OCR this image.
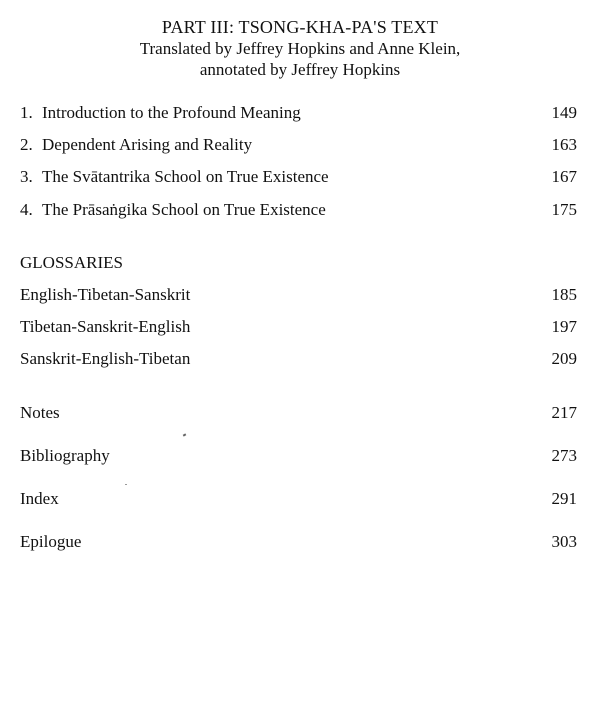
PART III: TSONG-KHA-PA'S TEXT
Translated by Jeffrey Hopkins and Anne Klein,
annotated by Jeffrey Hopkins
1. Introduction to the Profound Meaning	149
2. Dependent Arising and Reality	163
3. The Svātantrika School on True Existence	167
4. The Prāsaṅgika School on True Existence	175
GLOSSARIES
English-Tibetan-Sanskrit	185
Tibetan-Sanskrit-English	197
Sanskrit-English-Tibetan	209
Notes	217
Bibliography	273
Index	291
Epilogue	303
